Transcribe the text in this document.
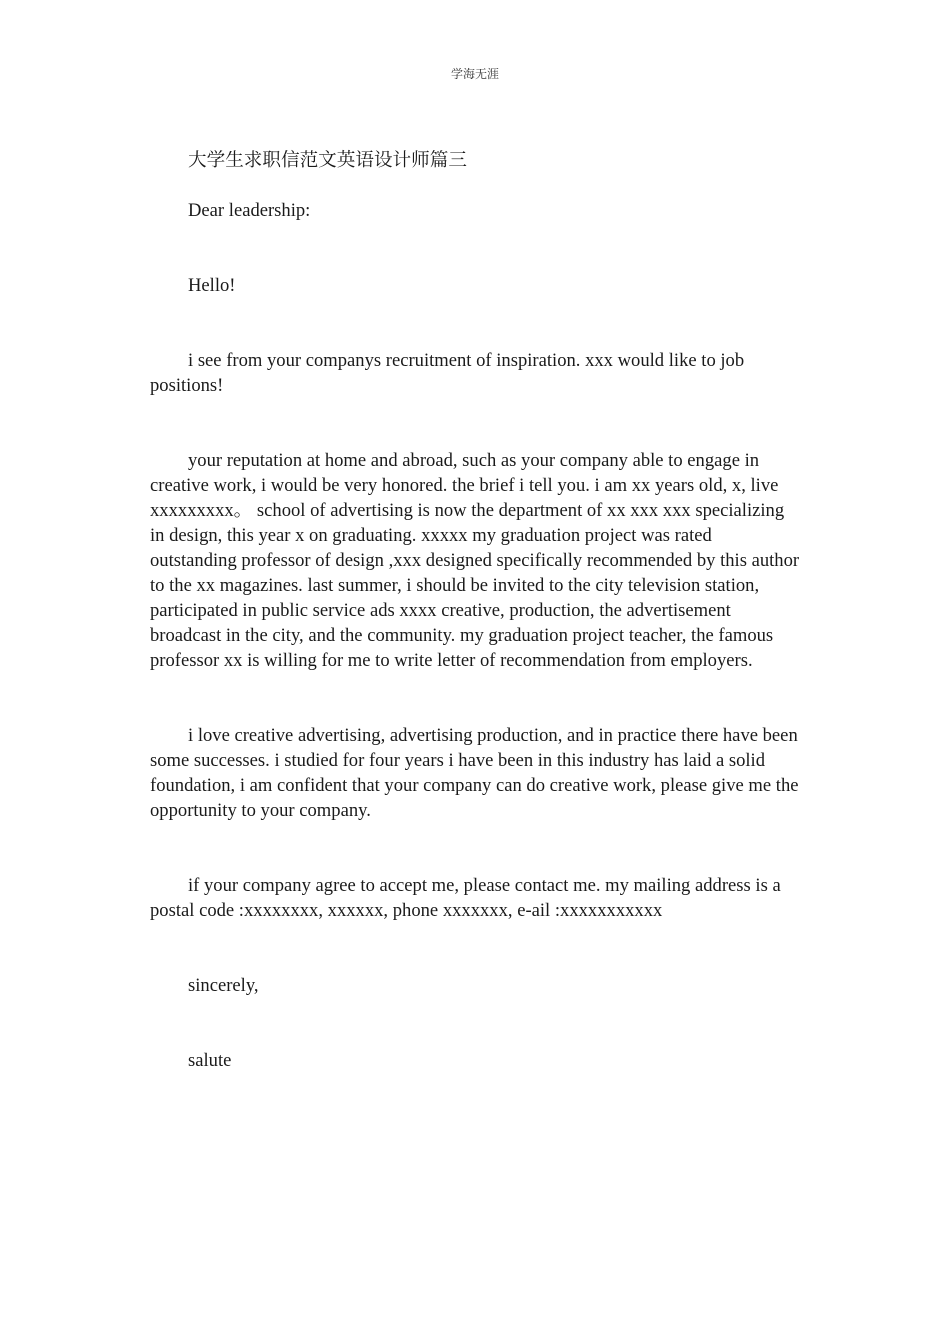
学海无涯

大学生求职信范文英语设计师篇三

Dear leadership:

Hello!

i see from your companys recruitment of inspiration. xxx would like to job positions!

your reputation at home and abroad, such as your company able to engage in creative work, i would be very honored. the brief i tell you. i am xx years old, x, live xxxxxxxxx。 school of advertising is now the department of xx xxx xxx specializing in design, this year x on graduating. xxxxx my graduation project was rated outstanding professor of design ,xxx designed specifically recommended by this author to the xx magazines. last summer, i should be invited to the city television station, participated in public service ads xxxx creative, production, the advertisement broadcast in the city, and the community. my graduation project teacher, the famous professor xx is willing for me to write letter of recommendation from employers.

i love creative advertising, advertising production, and in practice there have been some successes. i studied for four years i have been in this industry has laid a solid foundation, i am confident that your company can do creative work, please give me the opportunity to your company.

if your company agree to accept me, please contact me. my mailing address is a postal code :xxxxxxxx, xxxxxx, phone xxxxxxx, e-ail :xxxxxxxxxxx

sincerely,

salute
